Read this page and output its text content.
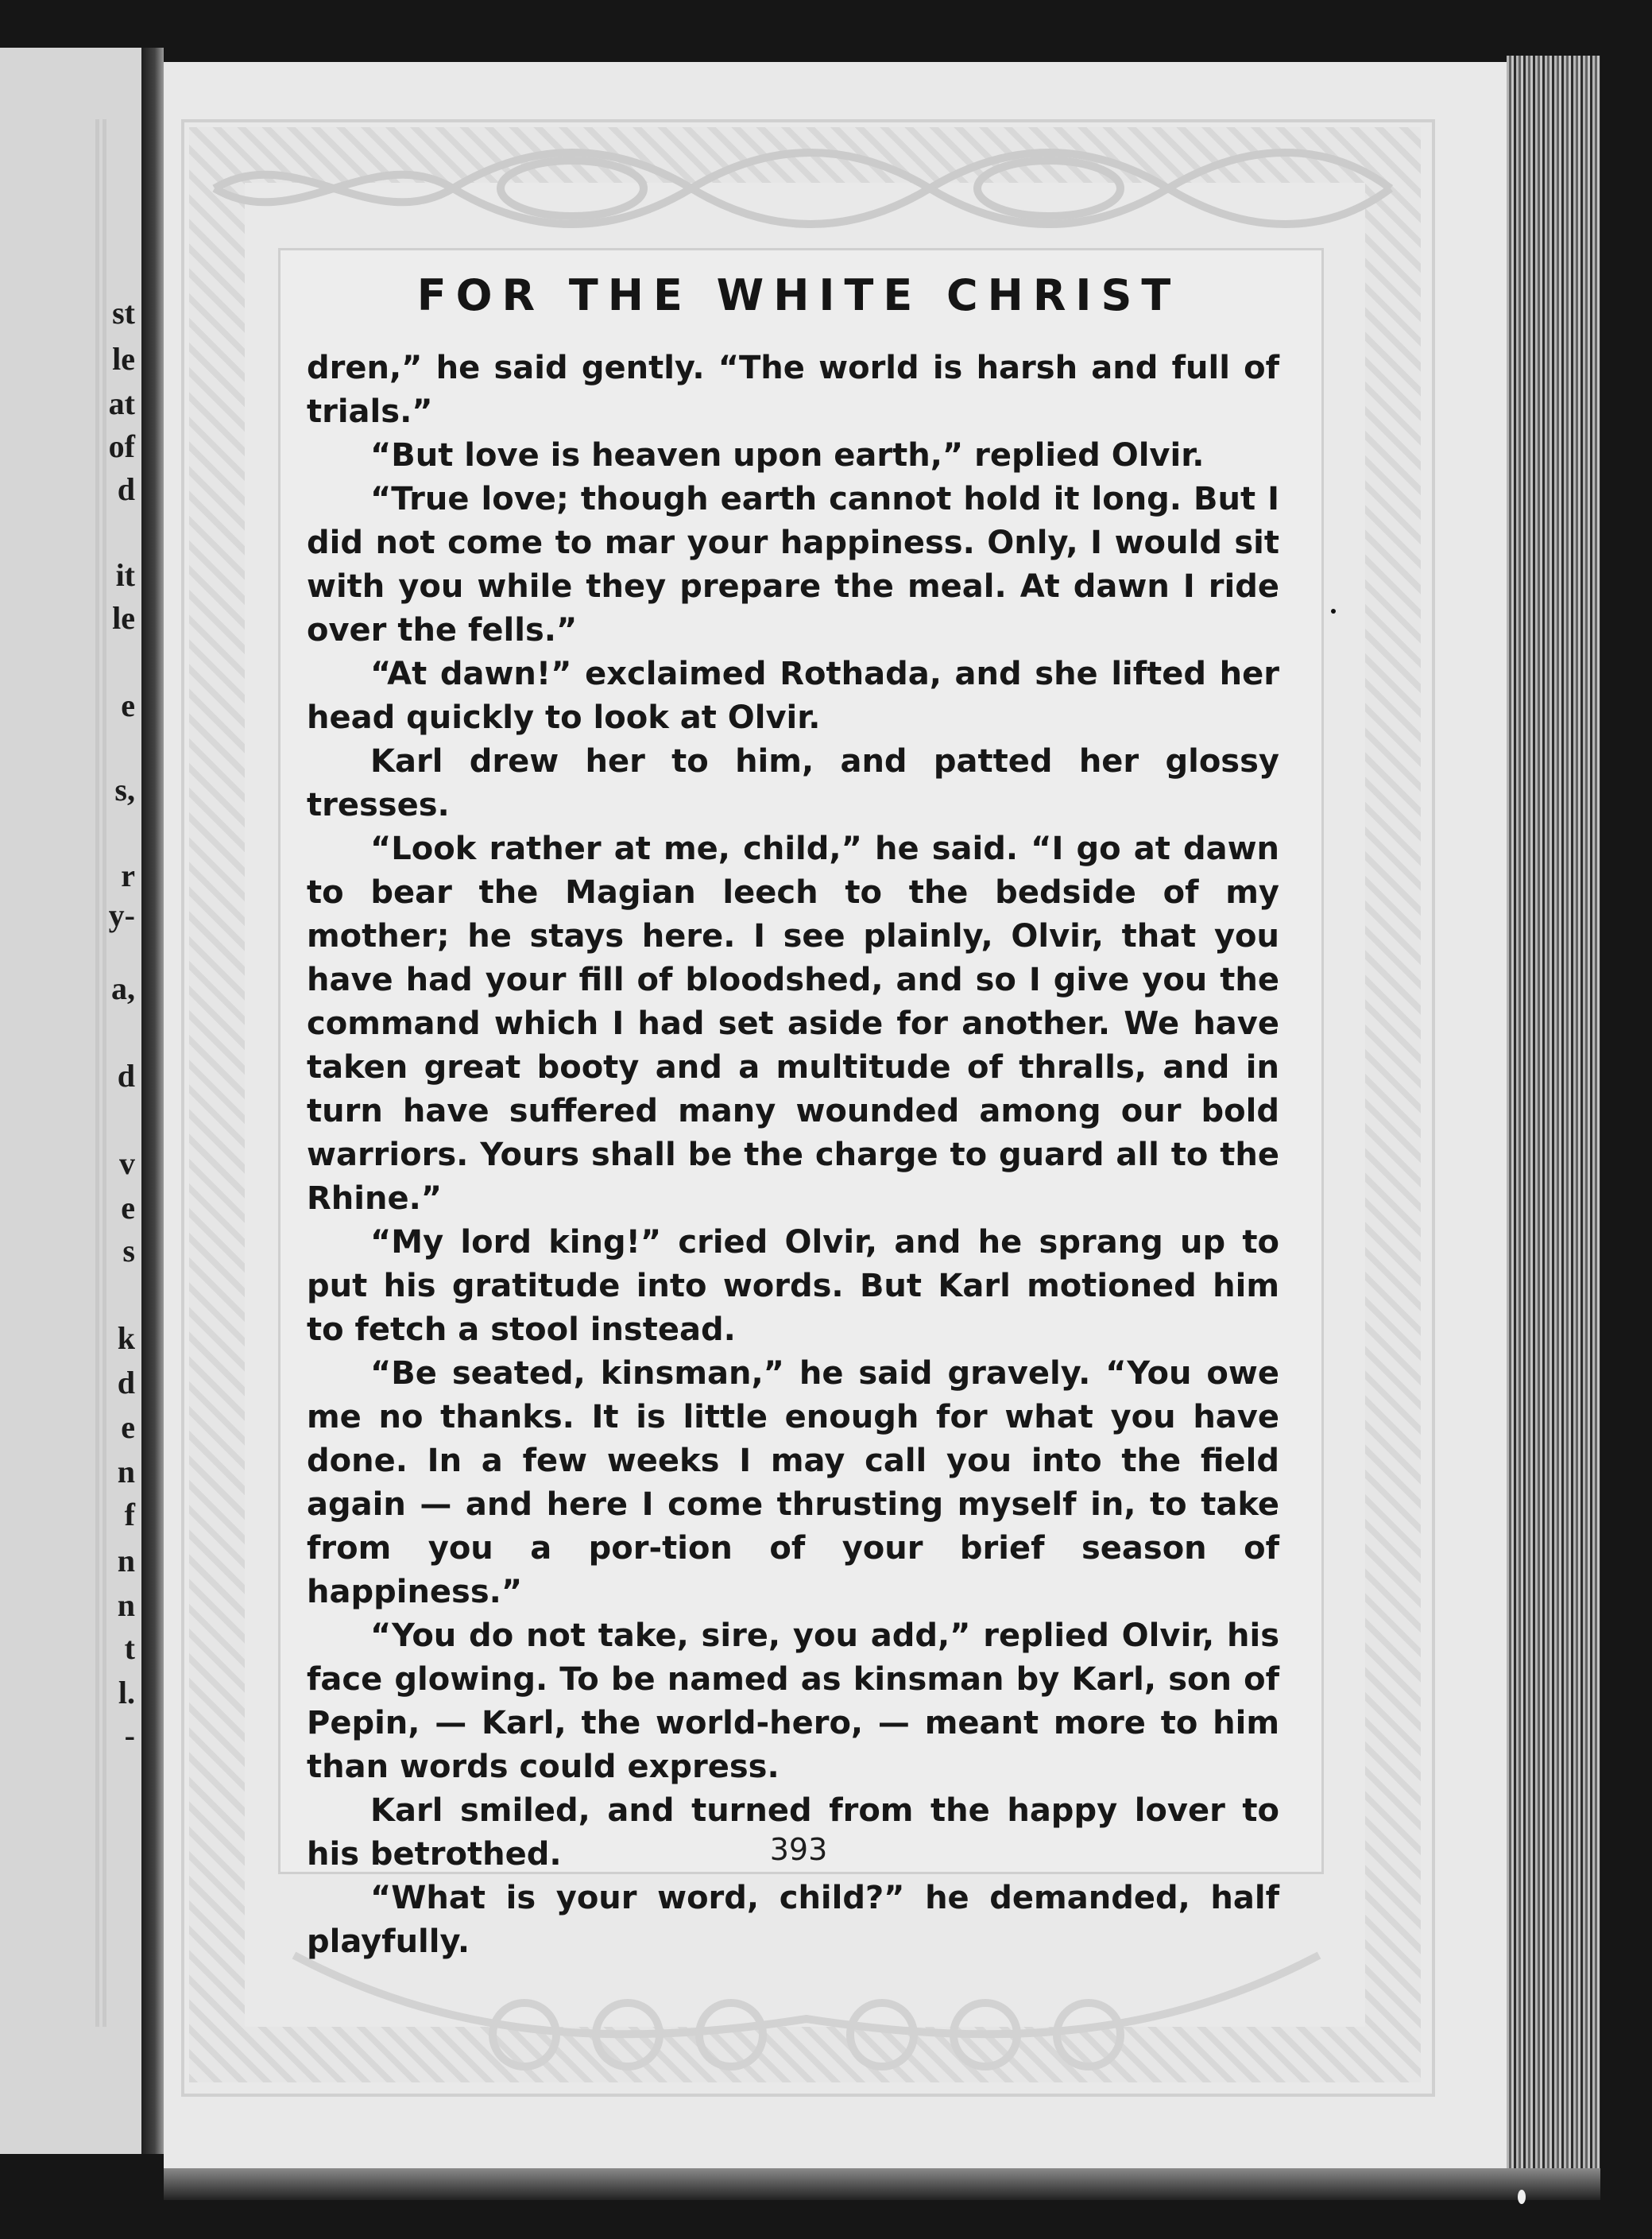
st
le
at
of
d
it
le
e
s,
r
y-
a,
d
v
e
s
k
d
e
n
f
n
n
t
l.
-
FOR THE WHITE CHRIST

dren,” he said gently. “The world is harsh and full of trials.”

“But love is heaven upon earth,” replied Olvir.

“True love; though earth cannot hold it long. But I did not come to mar your happiness. Only, I would sit with you while they prepare the meal. At dawn I ride over the fells.”

“At dawn!” exclaimed Rothada, and she lifted her head quickly to look at Olvir.

Karl drew her to him, and patted her glossy tresses.

“Look rather at me, child,” he said. “I go at dawn to bear the Magian leech to the bedside of my mother; he stays here. I see plainly, Olvir, that you have had your fill of bloodshed, and so I give you the command which I had set aside for another. We have taken great booty and a multitude of thralls, and in turn have suffered many wounded among our bold warriors. Yours shall be the charge to guard all to the Rhine.”

“My lord king!” cried Olvir, and he sprang up to put his gratitude into words. But Karl motioned him to fetch a stool instead.

“Be seated, kinsman,” he said gravely. “You owe me no thanks. It is little enough for what you have done. In a few weeks I may call you into the field again — and here I come thrusting myself in, to take from you a por-tion of your brief season of happiness.”

“You do not take, sire, you add,” replied Olvir, his face glowing. To be named as kinsman by Karl, son of Pepin, — Karl, the world-hero, — meant more to him than words could express.

Karl smiled, and turned from the happy lover to his betrothed.

“What is your word, child?” he demanded, half playfully.

393
